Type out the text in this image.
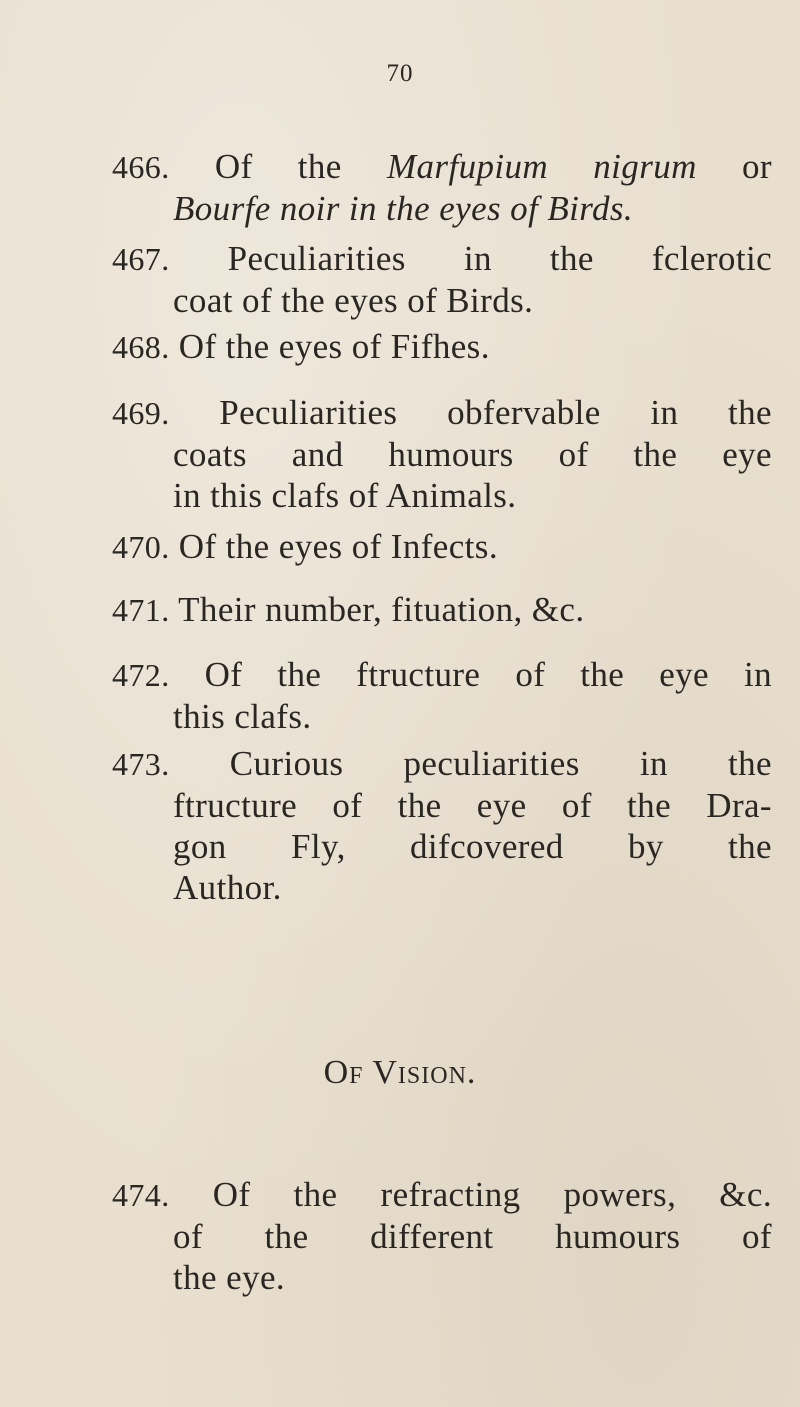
70
466. Of the Marfupium nigrum or
Bourfe noir in the eyes of Birds.
467. Peculiarities in the fclerotic
coat of the eyes of Birds.
468. Of the eyes of Fifhes.
469. Peculiarities obfervable in the
coats and humours of the eye
in this clafs of Animals.
470. Of the eyes of Infects.
471. Their number, fituation, &c.
472. Of the ftructure of the eye in
this clafs.
473. Curious peculiarities in the
ftructure of the eye of the Dra-
gon Fly, difcovered by the
Author.
Of Vision.
474. Of the refracting powers, &c.
of the different humours of
the eye.
